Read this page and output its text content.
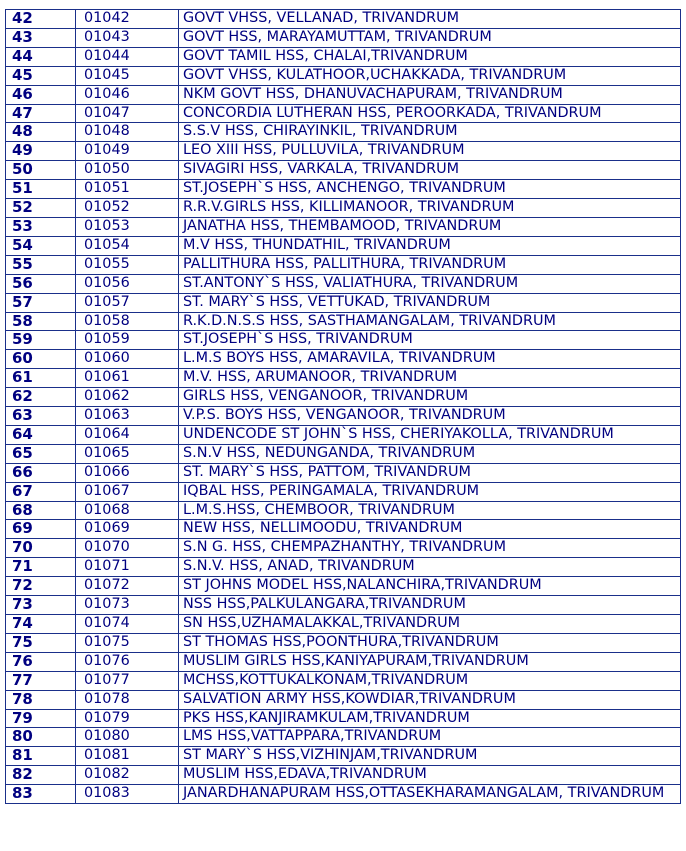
42	01042	GOVT VHSS, VELLANAD, TRIVANDRUM
43	01043	GOVT HSS, MARAYAMUTTAM, TRIVANDRUM
44	01044	GOVT TAMIL HSS, CHALAI,TRIVANDRUM
45	01045	GOVT VHSS, KULATHOOR,UCHAKKADA, TRIVANDRUM
46	01046	NKM GOVT HSS, DHANUVACHAPURAM, TRIVANDRUM
47	01047	CONCORDIA LUTHERAN HSS, PEROORKADA, TRIVANDRUM
48	01048	S.S.V HSS, CHIRAYINKIL, TRIVANDRUM
49	01049	LEO XIII HSS, PULLUVILA, TRIVANDRUM
50	01050	SIVAGIRI HSS, VARKALA, TRIVANDRUM
51	01051	ST.JOSEPH`S HSS, ANCHENGO, TRIVANDRUM
52	01052	R.R.V.GIRLS HSS, KILLIMANOOR, TRIVANDRUM
53	01053	JANATHA HSS, THEMBAMOOD, TRIVANDRUM
54	01054	M.V HSS, THUNDATHIL, TRIVANDRUM
55	01055	PALLITHURA HSS, PALLITHURA, TRIVANDRUM
56	01056	ST.ANTONY`S HSS, VALIATHURA, TRIVANDRUM
57	01057	ST. MARY`S HSS, VETTUKAD, TRIVANDRUM
58	01058	R.K.D.N.S.S HSS, SASTHAMANGALAM, TRIVANDRUM
59	01059	ST.JOSEPH`S HSS, TRIVANDRUM
60	01060	L.M.S BOYS HSS, AMARAVILA, TRIVANDRUM
61	01061	M.V. HSS, ARUMANOOR, TRIVANDRUM
62	01062	GIRLS HSS, VENGANOOR, TRIVANDRUM
63	01063	V.P.S. BOYS HSS, VENGANOOR, TRIVANDRUM
64	01064	UNDENCODE ST JOHN`S HSS, CHERIYAKOLLA, TRIVANDRUM
65	01065	S.N.V HSS, NEDUNGANDA, TRIVANDRUM
66	01066	ST. MARY`S HSS, PATTOM, TRIVANDRUM
67	01067	IQBAL HSS, PERINGAMALA, TRIVANDRUM
68	01068	L.M.S.HSS, CHEMBOOR, TRIVANDRUM
69	01069	NEW HSS, NELLIMOODU, TRIVANDRUM
70	01070	S.N G. HSS, CHEMPAZHANTHY, TRIVANDRUM
71	01071	S.N.V. HSS, ANAD, TRIVANDRUM
72	01072	ST JOHNS MODEL HSS,NALANCHIRA,TRIVANDRUM
73	01073	NSS HSS,PALKULANGARA,TRIVANDRUM
74	01074	SN HSS,UZHAMALAKKAL,TRIVANDRUM
75	01075	ST THOMAS HSS,POONTHURA,TRIVANDRUM
76	01076	MUSLIM GIRLS HSS,KANIYAPURAM,TRIVANDRUM
77	01077	MCHSS,KOTTUKALKONAM,TRIVANDRUM
78	01078	SALVATION ARMY HSS,KOWDIAR,TRIVANDRUM
79	01079	PKS HSS,KANJIRAMKULAM,TRIVANDRUM
80	01080	LMS HSS,VATTAPPARA,TRIVANDRUM
81	01081	ST MARY`S HSS,VIZHINJAM,TRIVANDRUM
82	01082	MUSLIM HSS,EDAVA,TRIVANDRUM
83	01083	JANARDHANAPURAM HSS,OTTASEKHARAMANGALAM, TRIVANDRUM
